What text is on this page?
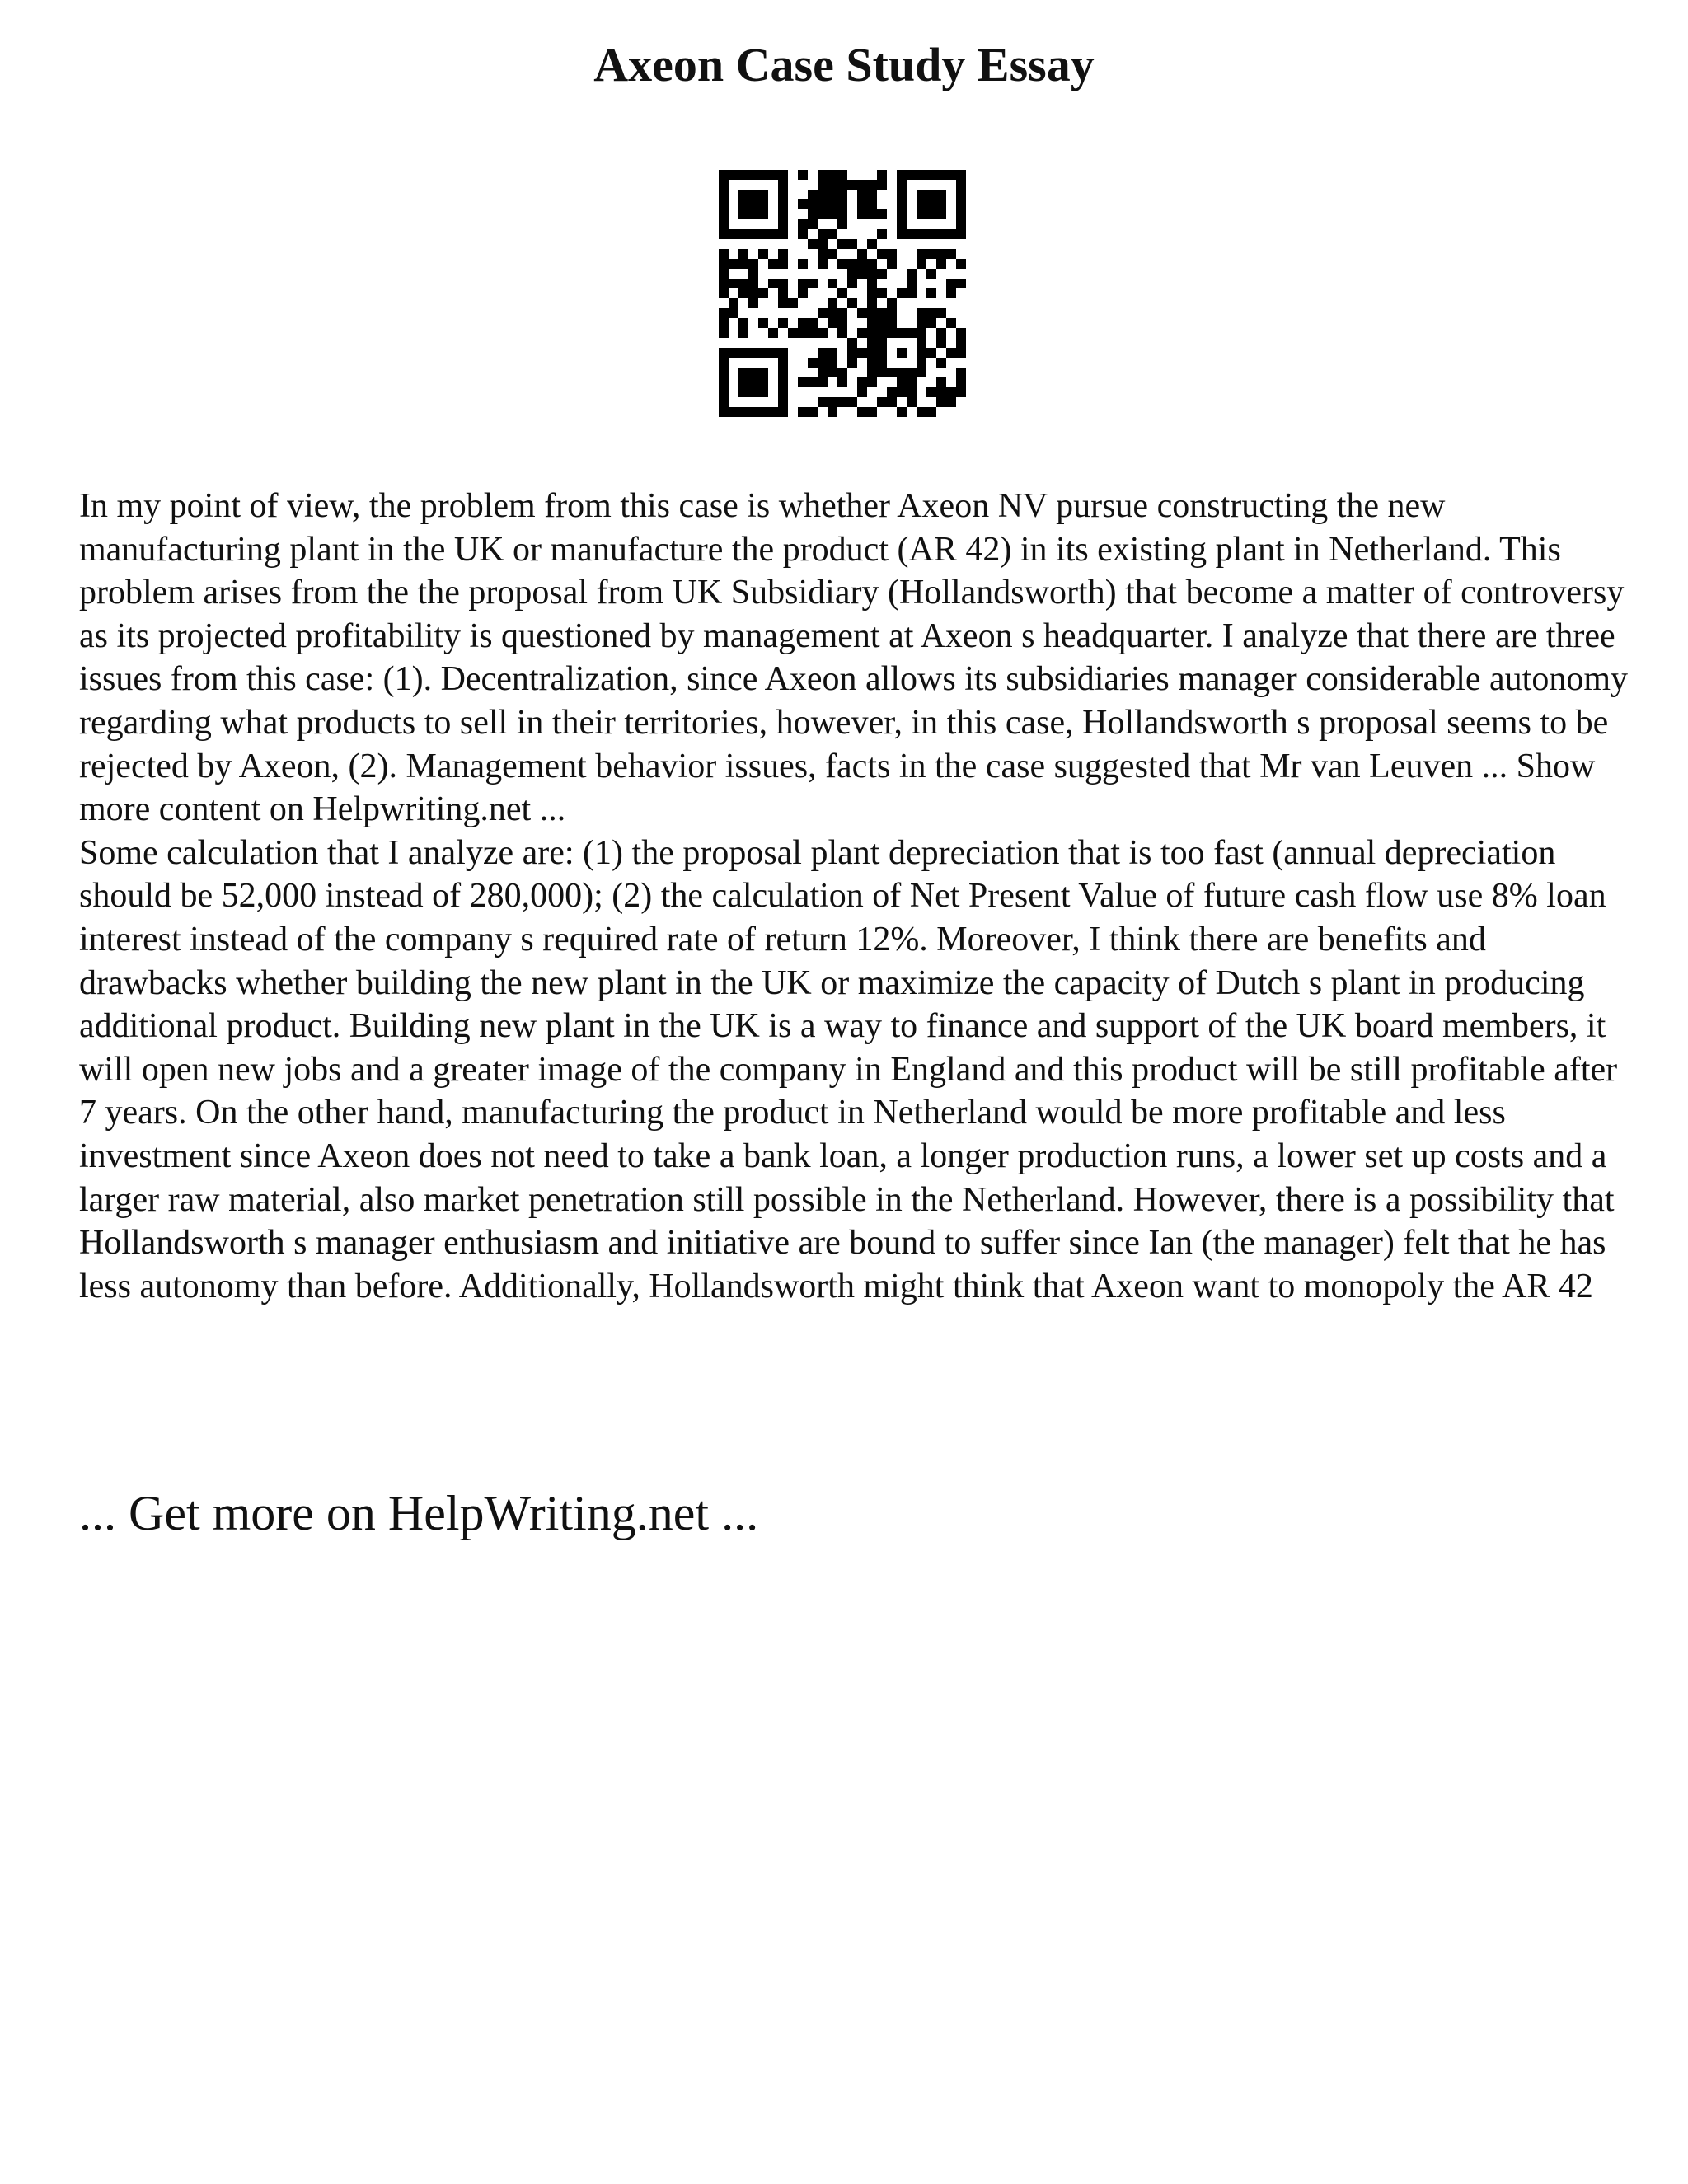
Axeon Case Study Essay

In my point of view, the problem from this case is whether Axeon NV pursue constructing the new manufacturing plant in the UK or manufacture the product (AR 42) in its existing plant in Netherland. This problem arises from the the proposal from UK Subsidiary (Hollandsworth) that become a matter of controversy as its projected profitability is questioned by management at Axeon s headquarter. I analyze that there are three issues from this case: (1). Decentralization, since Axeon allows its subsidiaries manager considerable autonomy regarding what products to sell in their territories, however, in this case, Hollandsworth s proposal seems to be rejected by Axeon, (2). Management behavior issues, facts in the case suggested that Mr van Leuven ... Show more content on Helpwriting.net ...

Some calculation that I analyze are: (1) the proposal plant depreciation that is too fast (annual depreciation should be 52,000 instead of 280,000); (2) the calculation of Net Present Value of future cash flow use 8% loan interest instead of the company s required rate of return 12%. Moreover, I think there are benefits and drawbacks whether building the new plant in the UK or maximize the capacity of Dutch s plant in producing additional product. Building new plant in the UK is a way to finance and support of the UK board members, it will open new jobs and a greater image of the company in England and this product will be still profitable after 7 years. On the other hand, manufacturing the product in Netherland would be more profitable and less investment since Axeon does not need to take a bank loan, a longer production runs, a lower set up costs and a larger raw material, also market penetration still possible in the Netherland. However, there is a possibility that Hollandsworth s manager enthusiasm and initiative are bound to suffer since Ian (the manager) felt that he has less autonomy than before. Additionally, Hollandsworth might think that Axeon want to monopoly the AR 42

... Get more on HelpWriting.net ...
